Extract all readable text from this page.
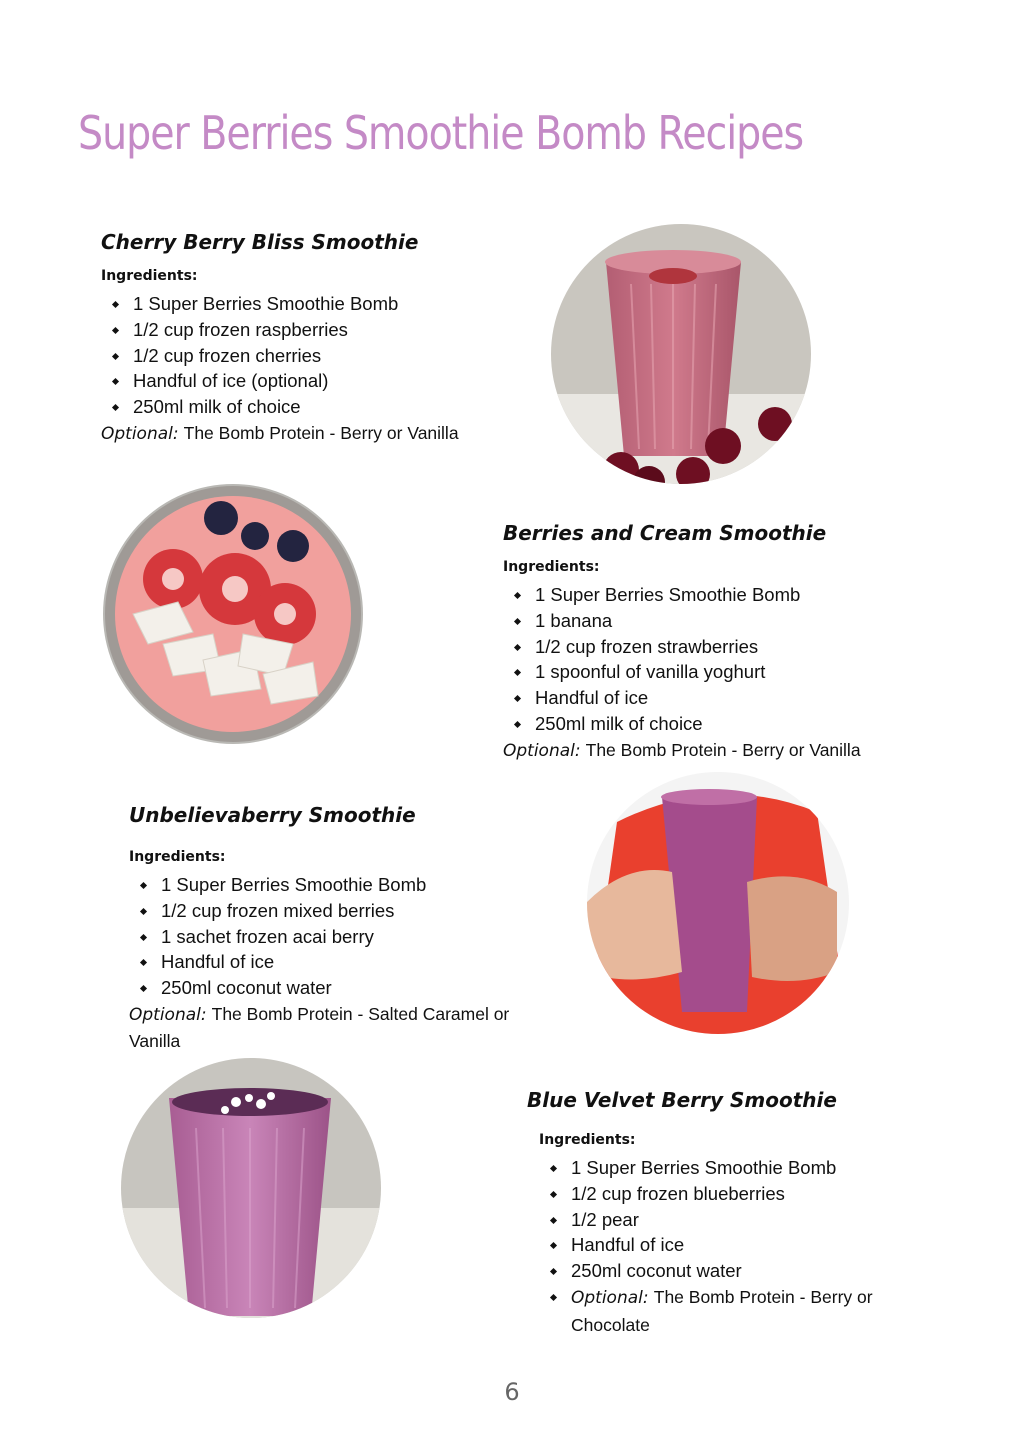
Super Berries Smoothie Bomb Recipes
Cherry Berry Bliss Smoothie
Ingredients:
1 Super Berries Smoothie Bomb
1/2 cup frozen raspberries
1/2 cup frozen cherries
Handful of ice (optional)
250ml milk of choice
Optional: The Bomb Protein - Berry or Vanilla
Berries and Cream Smoothie
Ingredients:
1 Super Berries Smoothie Bomb
1 banana
1/2 cup frozen strawberries
1 spoonful of vanilla yoghurt
Handful of ice
250ml milk of choice
Optional: The Bomb Protein - Berry or Vanilla
Unbelievaberry Smoothie
Ingredients:
1 Super Berries Smoothie Bomb
1/2 cup frozen mixed berries
1 sachet frozen acai berry
Handful of ice
250ml coconut water
Optional: The Bomb Protein - Salted Caramel or Vanilla
Blue Velvet Berry Smoothie
Ingredients:
1 Super Berries Smoothie Bomb
1/2 cup frozen blueberries
1/2 pear
Handful of ice
250ml coconut water
Optional: The Bomb Protein - Berry or Chocolate
6
